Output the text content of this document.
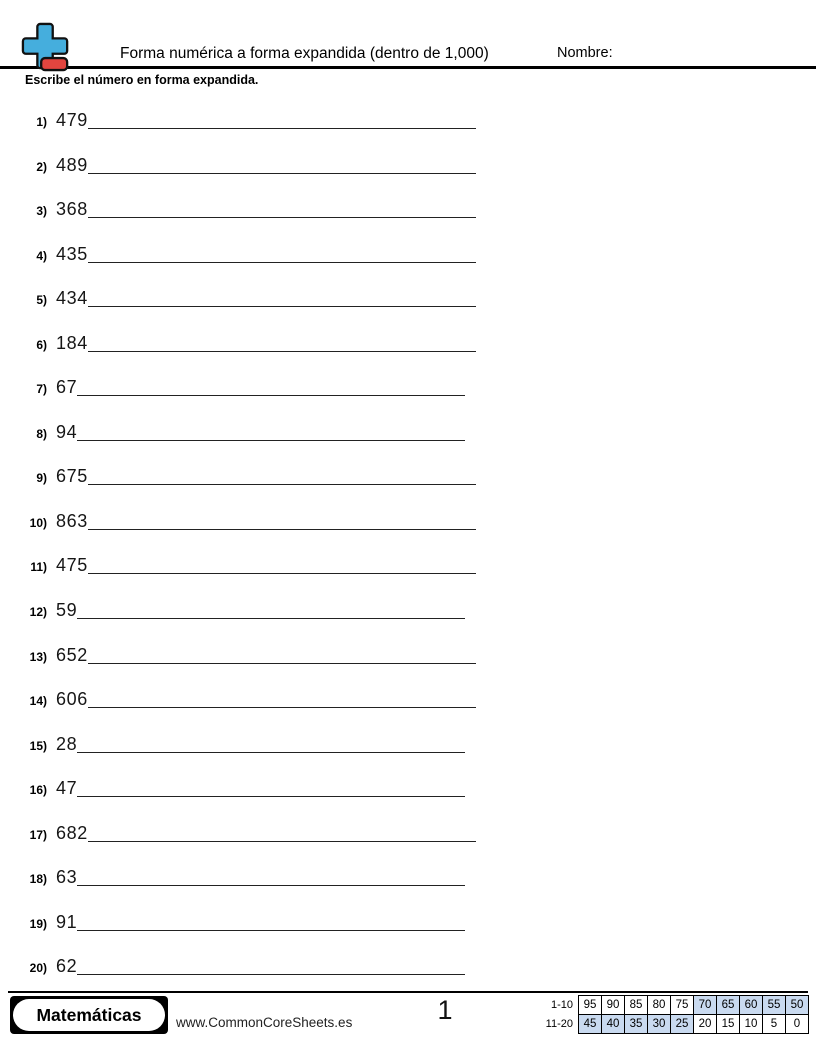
Forma numérica a forma expandida (dentro de 1,000)	Nombre:
Escribe el número en forma expandida.
1) 479
2) 489
3) 368
4) 435
5) 434
6) 184
7) 67
8) 94
9) 675
10) 863
11) 475
12) 59
13) 652
14) 606
15) 28
16) 47
17) 682
18) 63
19) 91
20) 62
Matemáticas	www.CommonCoreSheets.es	1	1-10	95	90	85	80	75	70	65	60	55	50
11-20	45	40	35	30	25	20	15	10	5	0
